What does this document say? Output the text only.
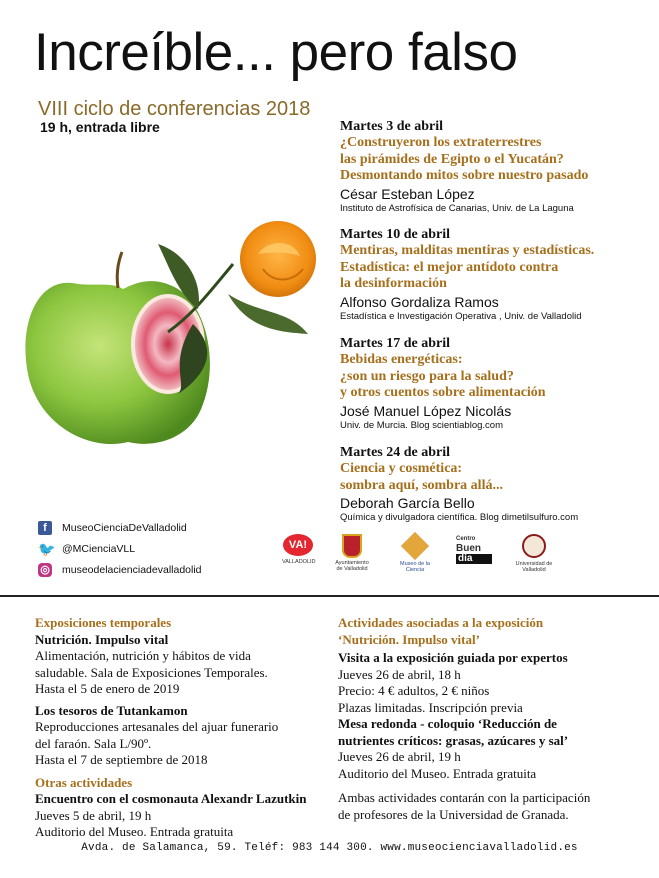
Increíble... pero falso
VIII ciclo de conferencias 2018
19 h, entrada libre	Martes 3 de abril
¿Construyeron los extraterrestres
las pirámides de Egipto o el Yucatán?
Desmontando mitos sobre nuestro pasado
César Esteban López
Instituto de Astrofísica de Canarias, Univ. de La Laguna
Martes 10 de abril
Mentiras, malditas mentiras y estadísticas.
Estadística: el mejor antídoto contra
la desinformación
Alfonso Gordaliza Ramos
Estadística e Investigación Operativa , Univ. de Valladolid
Martes 17 de abril
Bebidas energéticas:
¿son un riesgo para la salud?
y otros cuentos sobre alimentación
José Manuel López Nicolás
Univ. de Murcia. Blog scientiablog.com
Martes 24 de abril
Ciencia y cosmética:
sombra aquí, sombra allá...
Deborah García Bello
Química y divulgadora científica. Blog dimetilsulfuro.com
f	MuseoCienciaDeValladolid
🐦 @MCienciaVLL
◎ museodelacienciadevalladolid
VA!
VALLADOLID	Ayuntamiento de Valladolid
Museo de la Ciencia
Centro
Buen
día	Universidad de Valladolid
Exposiciones temporales
Nutrición. Impulso vital
Alimentación, nutrición y hábitos de vida
saludable. Sala de Exposiciones Temporales.
Hasta el 5 de enero de 2019
Los tesoros de Tutankamon
Reproducciones artesanales del ajuar funerario
del faraón. Sala L/90º.
Hasta el 7 de septiembre de 2018
Otras actividades
Encuentro con el cosmonauta Alexandr Lazutkin
Jueves 5 de abril, 19 h
Auditorio del Museo. Entrada gratuita
Actividades asociadas a la exposición
‘Nutrición. Impulso vital’
Visita a la exposición guiada por expertos
Jueves 26 de abril, 18 h
Precio: 4 € adultos, 2 € niños
Plazas limitadas. Inscripción previa
Mesa redonda - coloquio ‘Reducción de
nutrientes críticos: grasas, azúcares y sal’
Jueves 26 de abril, 19 h
Auditorio del Museo. Entrada gratuita
Ambas actividades contarán con la participación
de profesores de la Universidad de Granada.
Avda. de Salamanca, 59. Teléf: 983 144 300. www.museocienciavalladolid.es
